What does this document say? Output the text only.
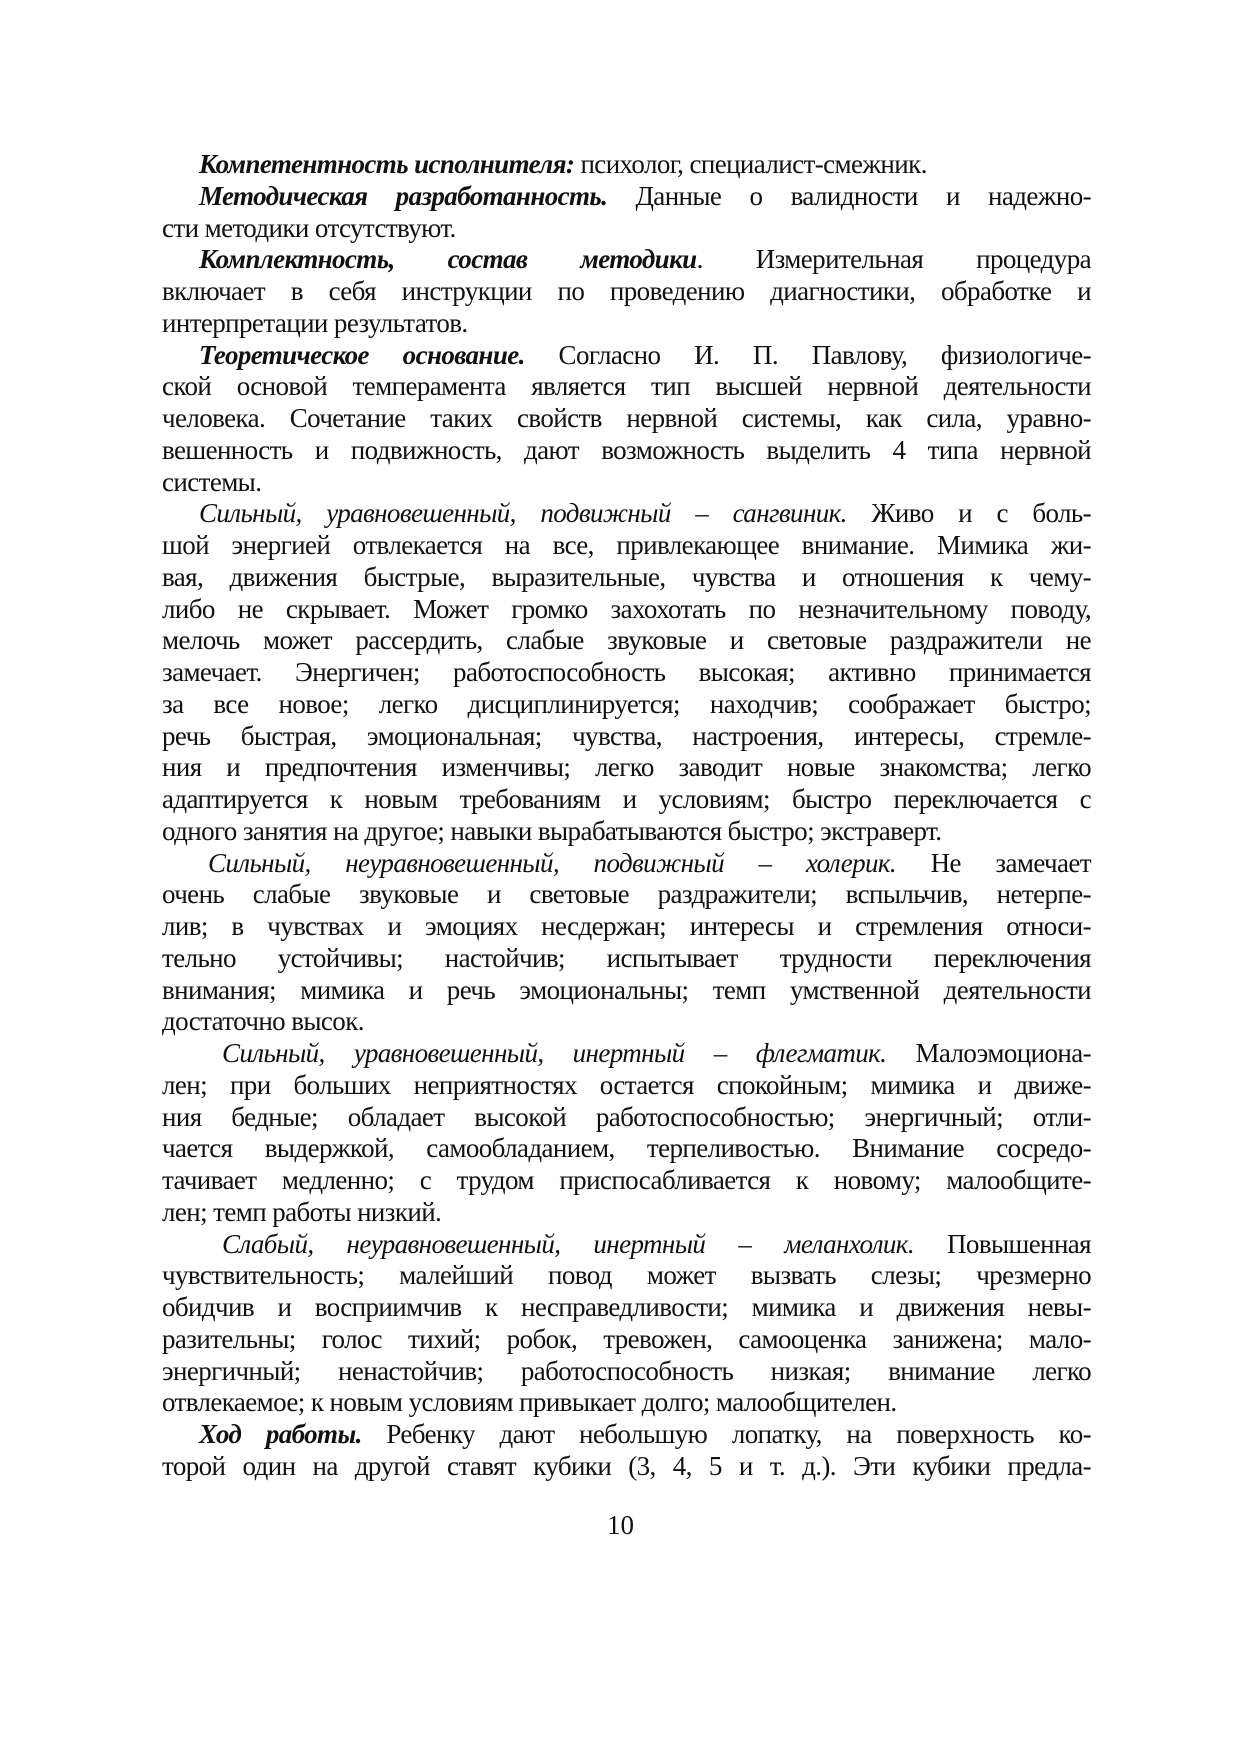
Компетентность исполнителя: психолог, специалист-смежник.
Методическая разработанность. Данные о валидности и надежно-
сти методики отсутствуют.
Комплектность, состав методики. Измерительная процедура
включает в себя инструкции по проведению диагностики, обработке и
интерпретации результатов.
Теоретическое основание. Согласно И. П. Павлову, физиологиче-
ской основой темперамента является тип высшей нервной деятельности
человека. Сочетание таких свойств нервной системы, как сила, уравно-
вешенность и подвижность, дают возможность выделить 4 типа нервной
системы.
Сильный, уравновешенный, подвижный – сангвиник. Живо и с боль-
шой энергией отвлекается на все, привлекающее внимание. Мимика жи-
вая, движения быстрые, выразительные, чувства и отношения к чему-
либо не скрывает. Может громко захохотать по незначительному поводу,
мелочь может рассердить, слабые звуковые и световые раздражители не
замечает. Энергичен; работоспособность высокая; активно принимается
за все новое; легко дисциплинируется; находчив; соображает быстро;
речь быстрая, эмоциональная; чувства, настроения, интересы, стремле-
ния и предпочтения изменчивы; легко заводит новые знакомства; легко
адаптируется к новым требованиям и условиям; быстро переключается с
одного занятия на другое; навыки вырабатываются быстро; экстраверт.
Сильный, неуравновешенный, подвижный – холерик. Не замечает
очень слабые звуковые и световые раздражители; вспыльчив, нетерпе-
лив; в чувствах и эмоциях несдержан; интересы и стремления относи-
тельно устойчивы; настойчив; испытывает трудности переключения
внимания; мимика и речь эмоциональны; темп умственной деятельности
достаточно высок.
Сильный, уравновешенный, инертный – флегматик. Малоэмоциона-
лен; при больших неприятностях остается спокойным; мимика и движе-
ния бедные; обладает высокой работоспособностью; энергичный; отли-
чается выдержкой, самообладанием, терпеливостью. Внимание сосредо-
тачивает медленно; с трудом приспосабливается к новому; малообщите-
лен; темп работы низкий.
Слабый, неуравновешенный, инертный – меланхолик. Повышенная
чувствительность; малейший повод может вызвать слезы; чрезмерно
обидчив и восприимчив к несправедливости; мимика и движения невы-
разительны; голос тихий; робок, тревожен, самооценка занижена; мало-
энергичный; ненастойчив; работоспособность низкая; внимание легко
отвлекаемое; к новым условиям привыкает долго; малообщителен.
Ход работы. Ребенку дают небольшую лопатку, на поверхность ко-
торой один на другой ставят кубики (3, 4, 5 и т. д.). Эти кубики предла-
10
